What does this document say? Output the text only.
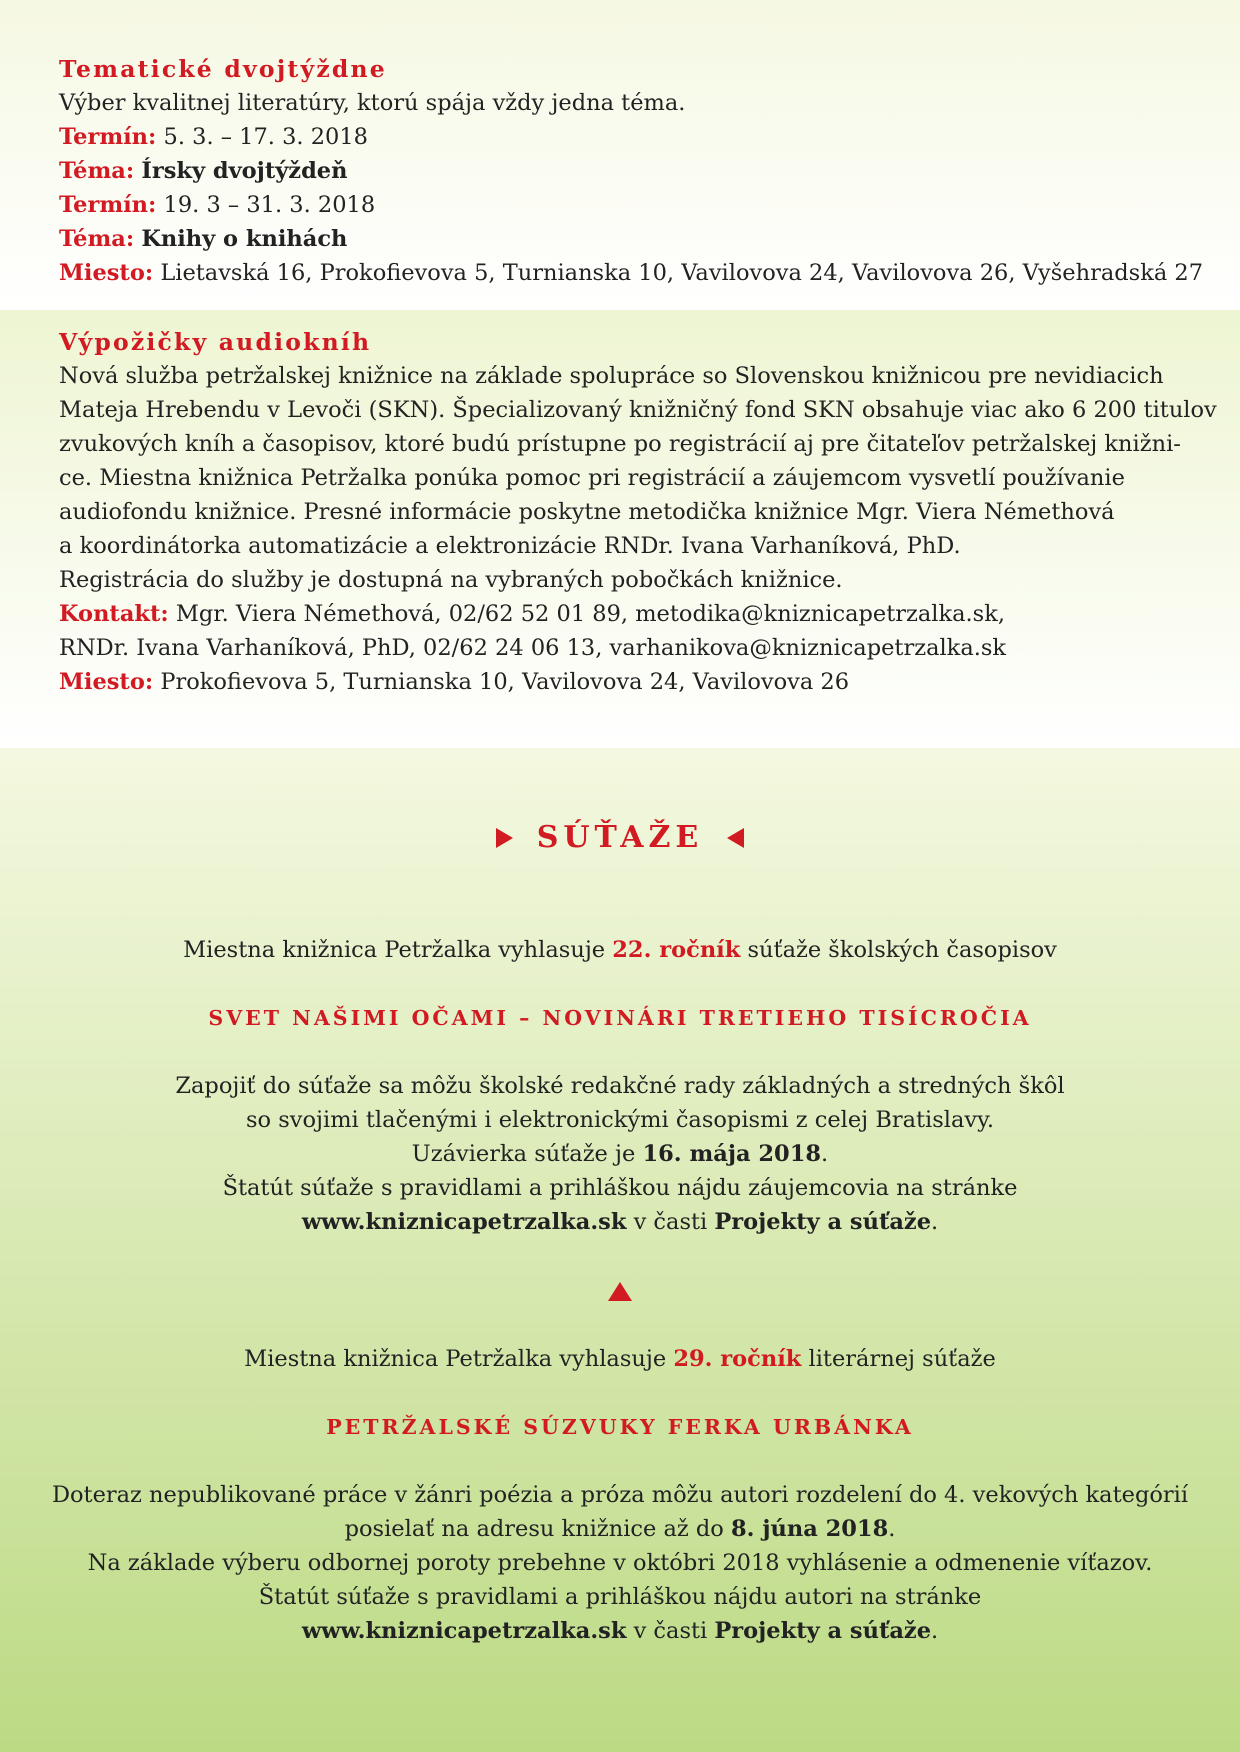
Tematické dvojtýždne

Výber kvalitnej literatúry, ktorú spája vždy jedna téma.

Termín: 5. 3. – 17. 3. 2018

Téma: Írsky dvojtýždeň

Termín: 19. 3 – 31. 3. 2018

Téma: Knihy o knihách

Miesto: Lietavská 16, Prokofievova 5, Turnianska 10, Vavilovova 24, Vavilovova 26, Vyšehradská 27

Výpožičky audiokníh

Nová služba petržalskej knižnice na základe spolupráce so Slovenskou knižnicou pre nevidiacich

Mateja Hrebendu v Levoči (SKN). Špecializovaný knižničný fond SKN obsahuje viac ako 6 200 titulov

zvukových kníh a časopisov, ktoré budú prístupne po registrácií aj pre čitateľov petržalskej knižni-

ce. Miestna knižnica Petržalka ponúka pomoc pri registrácií a záujemcom vysvetlí používanie

audiofondu knižnice. Presné informácie poskytne metodička knižnice Mgr. Viera Némethová

a koordinátorka automatizácie a elektronizácie RNDr. Ivana Varhaníková, PhD.

Registrácia do služby je dostupná na vybraných pobočkách knižnice.

Kontakt: Mgr. Viera Némethová, 02/62 52 01 89, metodika@kniznicapetrzalka.sk,

RNDr. Ivana Varhaníková, PhD, 02/62 24 06 13, varhanikova@kniznicapetrzalka.sk

Miesto: Prokofievova 5, Turnianska 10, Vavilovova 24, Vavilovova 26

SÚŤAŽE

Miestna knižnica Petržalka vyhlasuje 22. ročník súťaže školských časopisov

SVET NAŠIMI OČAMI – NOVINÁRI TRETIEHO TISÍCROČIA

Zapojiť do súťaže sa môžu školské redakčné rady základných a stredných škôl

so svojimi tlačenými i elektronickými časopismi z celej Bratislavy.

Uzávierka súťaže je 16. mája 2018.

Štatút súťaže s pravidlami a prihláškou nájdu záujemcovia na stránke

www.kniznicapetrzalka.sk v časti Projekty a súťaže.

Miestna knižnica Petržalka vyhlasuje 29. ročník literárnej súťaže

PETRŽALSKÉ SÚZVUKY FERKA URBÁNKA

Doteraz nepublikované práce v žánri poézia a próza môžu autori rozdelení do 4. vekových kategórií

posielať na adresu knižnice až do 8. júna 2018.

Na základe výberu odbornej poroty prebehne v októbri 2018 vyhlásenie a odmenenie víťazov.

Štatút súťaže s pravidlami a prihláškou nájdu autori na stránke

www.kniznicapetrzalka.sk v časti Projekty a súťaže.
